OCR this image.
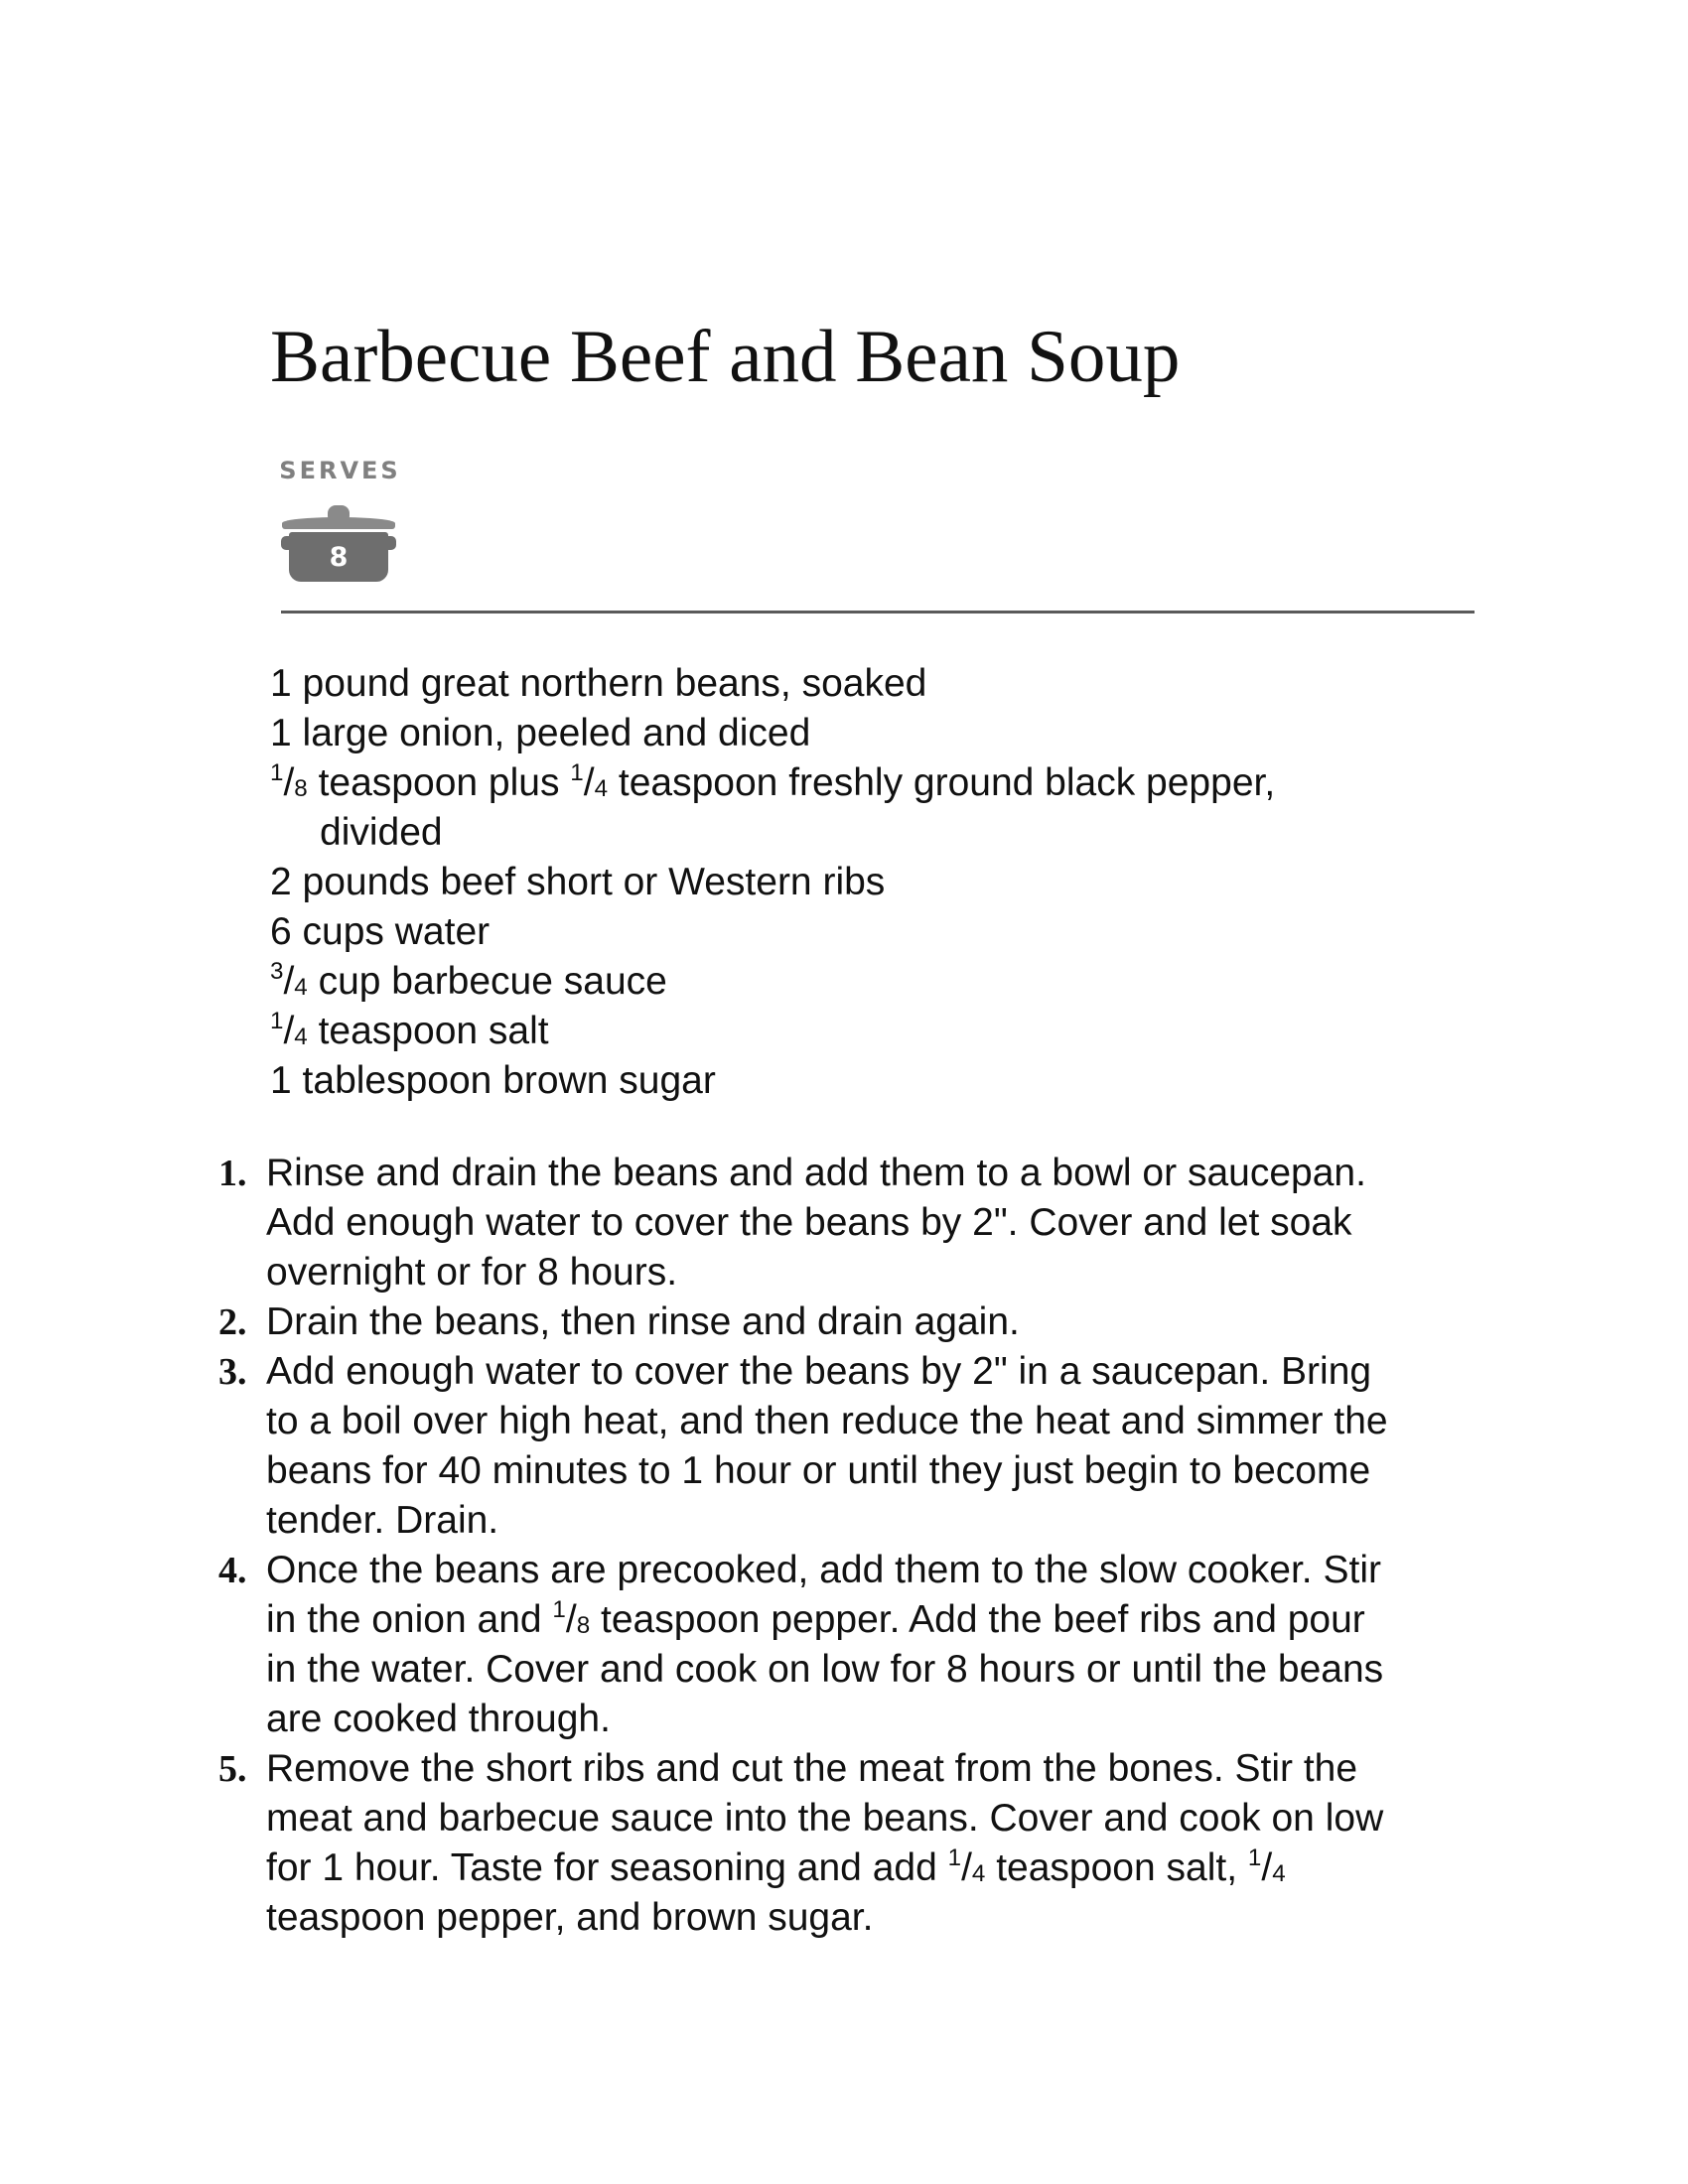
Barbecue Beef and Bean Soup
SERVES
8
1 pound great northern beans, soaked
1 large onion, peeled and diced
$^1/_8$ teaspoon plus $^1/_4$ teaspoon freshly ground black pepper,
divided
2 pounds beef short or Western ribs
6 cups water
$^3/_4$ cup barbecue sauce
$^1/_4$ teaspoon salt
1 tablespoon brown sugar
1. Rinse and drain the beans and add them to a bowl or saucepan.
Add enough water to cover the beans by 2". Cover and let soak
overnight or for 8 hours.
2. Drain the beans, then rinse and drain again.
3. Add enough water to cover the beans by 2" in a saucepan. Bring
to a boil over high heat, and then reduce the heat and simmer the
beans for 40 minutes to 1 hour or until they just begin to become
tender. Drain.
4. Once the beans are precooked, add them to the slow cooker. Stir
in the onion and $^1/_8$ teaspoon pepper. Add the beef ribs and pour
in the water. Cover and cook on low for 8 hours or until the beans
are cooked through.
5. Remove the short ribs and cut the meat from the bones. Stir the
meat and barbecue sauce into the beans. Cover and cook on low
for 1 hour. Taste for seasoning and add $^1/_4$ teaspoon salt, $^1/_4$
teaspoon pepper, and brown sugar.
